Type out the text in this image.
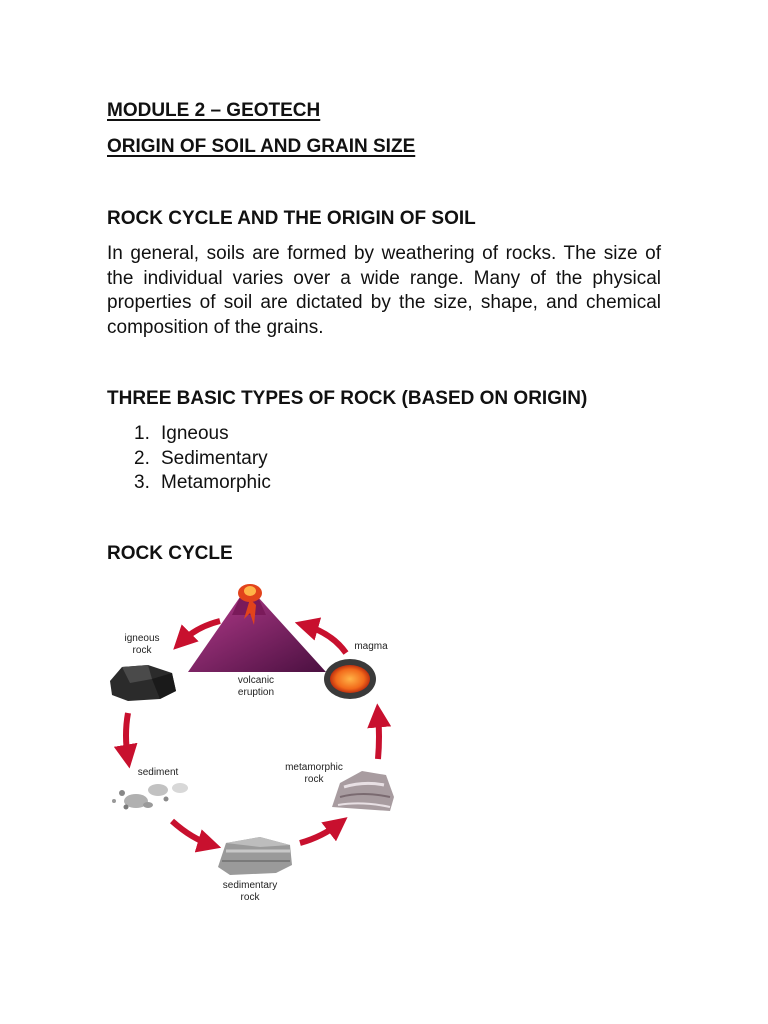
MODULE 2 – GEOTECH
ORIGIN OF SOIL AND GRAIN SIZE
ROCK CYCLE AND THE ORIGIN OF SOIL

In general, soils are formed by weathering of rocks. The size of the individual varies over a wide range. Many of the physical properties of soil are dictated by the size, shape, and chemical composition of the grains.

THREE BASIC TYPES OF ROCK (BASED ON ORIGIN)
1. Igneous
2. Sedimentary
3. Metamorphic
ROCK CYCLE
igneous
rock
volcanic
eruption
magma
sediment	metamorphic
rock
sedimentary
rock
